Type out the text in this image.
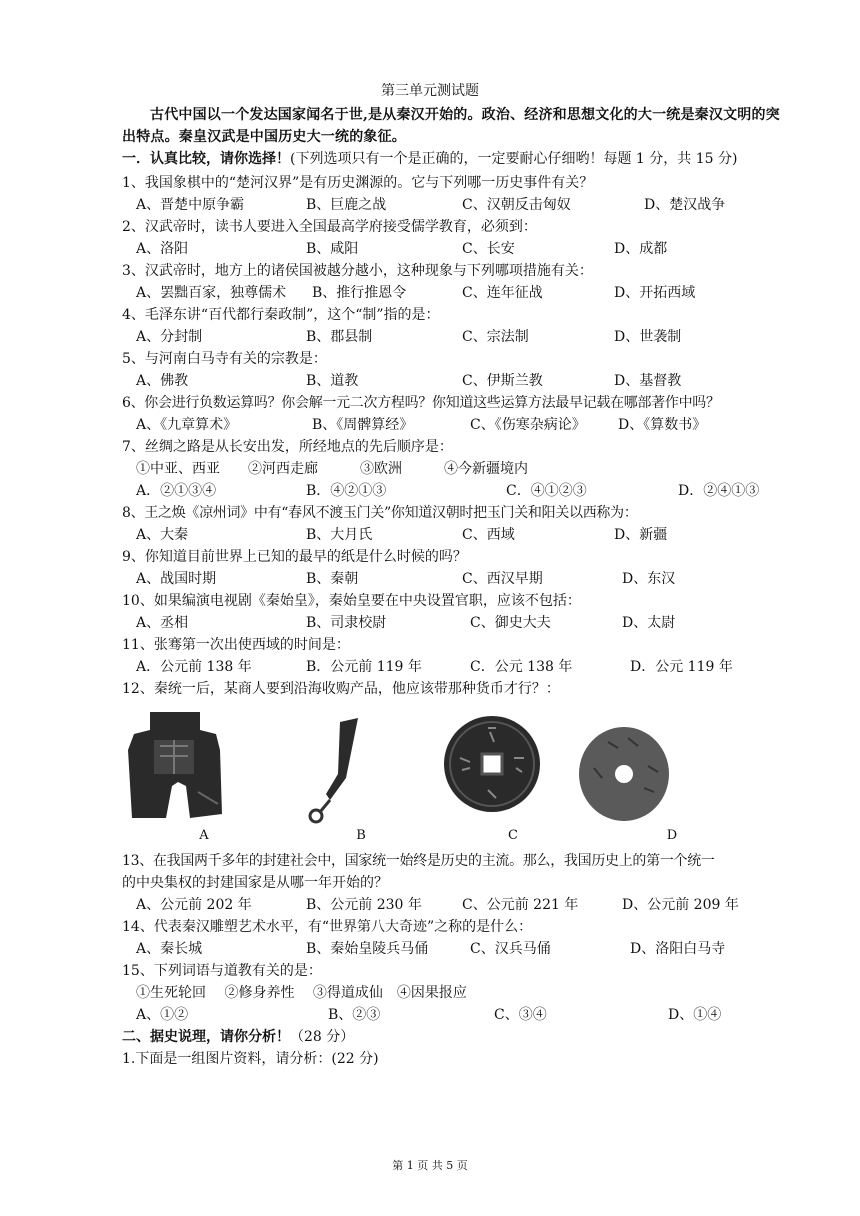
第三单元测试题
古代中国以一个发达国家闻名于世,是从秦汉开始的。政治、经济和思想文化的大一统是秦汉文明的突出特点。秦皇汉武是中国历史大一统的象征。
一．认真比较，请你选择！(下列选项只有一个是正确的，一定要耐心仔细哟！每题 1 分，共 15 分)
1、我国象棋中的“楚河汉界”是有历史渊源的。它与下列哪一历史事件有关？
A、晋楚中原争霸	B、巨鹿之战	C、汉朝反击匈奴	D、楚汉战争
2、汉武帝时，读书人要进入全国最高学府接受儒学教育，必须到：
A、洛阳	B、咸阳	C、长安	D、成都
3、汉武帝时，地方上的诸侯国被越分越小，这种现象与下列哪项措施有关：
A、罢黜百家，独尊儒术 B、推行推恩令	C、连年征战	D、开拓西域
4、毛泽东讲“百代都行秦政制”，这个“制”指的是：
A、分封制	B、郡县制	C、宗法制	D、世袭制
5、与河南白马寺有关的宗教是：
A、佛教	B、道教	C、伊斯兰教	D、基督教
6、你会进行负数运算吗？你会解一元二次方程吗？你知道这些运算方法最早记载在哪部著作中吗？
A、《九章算术》	B、《周髀算经》	C、《伤寒杂病论》 D、《算数书》
7、丝绸之路是从长安出发，所经地点的先后顺序是：
①中亚、西亚　　②河西走廊　　　③欧洲　　　④今新疆境内
A．②①③④	B．④②①③	C．④①②③	D．②④①③
8、王之焕《凉州词》中有“春风不渡玉门关”你知道汉朝时把玉门关和阳关以西称为：
A、大秦	B、大月氏	C、西域	D、新疆
9、你知道目前世界上已知的最早的纸是什么时候的吗？
A、战国时期	B、秦朝	C、西汉早期	D、东汉
10、如果编演电视剧《秦始皇》，秦始皇要在中央设置官职，应该不包括：
A、丞相	B、司隶校尉	C、御史大夫	D、太尉
11、张骞第一次出使西域的时间是：
A．公元前 138 年	B．公元前 119 年	C．公元 138 年	D．公元 119 年
12、秦统一后，某商人要到沿海收购产品，他应该带那种货币才行？：
A	B	C	D
13、在我国两千多年的封建社会中，国家统一始终是历史的主流。那么，我国历史上的第一个统一
的中央集权的封建国家是从哪一年开始的？
A、公元前 202 年	B、公元前 230 年	C、公元前 221 年	D、公元前 209 年
14、代表秦汉雕塑艺术水平，有“世界第八大奇迹”之称的是什么：
A、秦长城	B、秦始皇陵兵马俑	C、汉兵马俑	D、洛阳白马寺
15、下列词语与道教有关的是：
①生死轮回　 ②修身养性　 ③得道成仙　④因果报应
A、①②	B、②③	C、③④	D、①④
二、据史说理，请你分析！（28 分）
1.下面是一组图片资料，请分析：(22 分)
第 1 页 共 5 页
